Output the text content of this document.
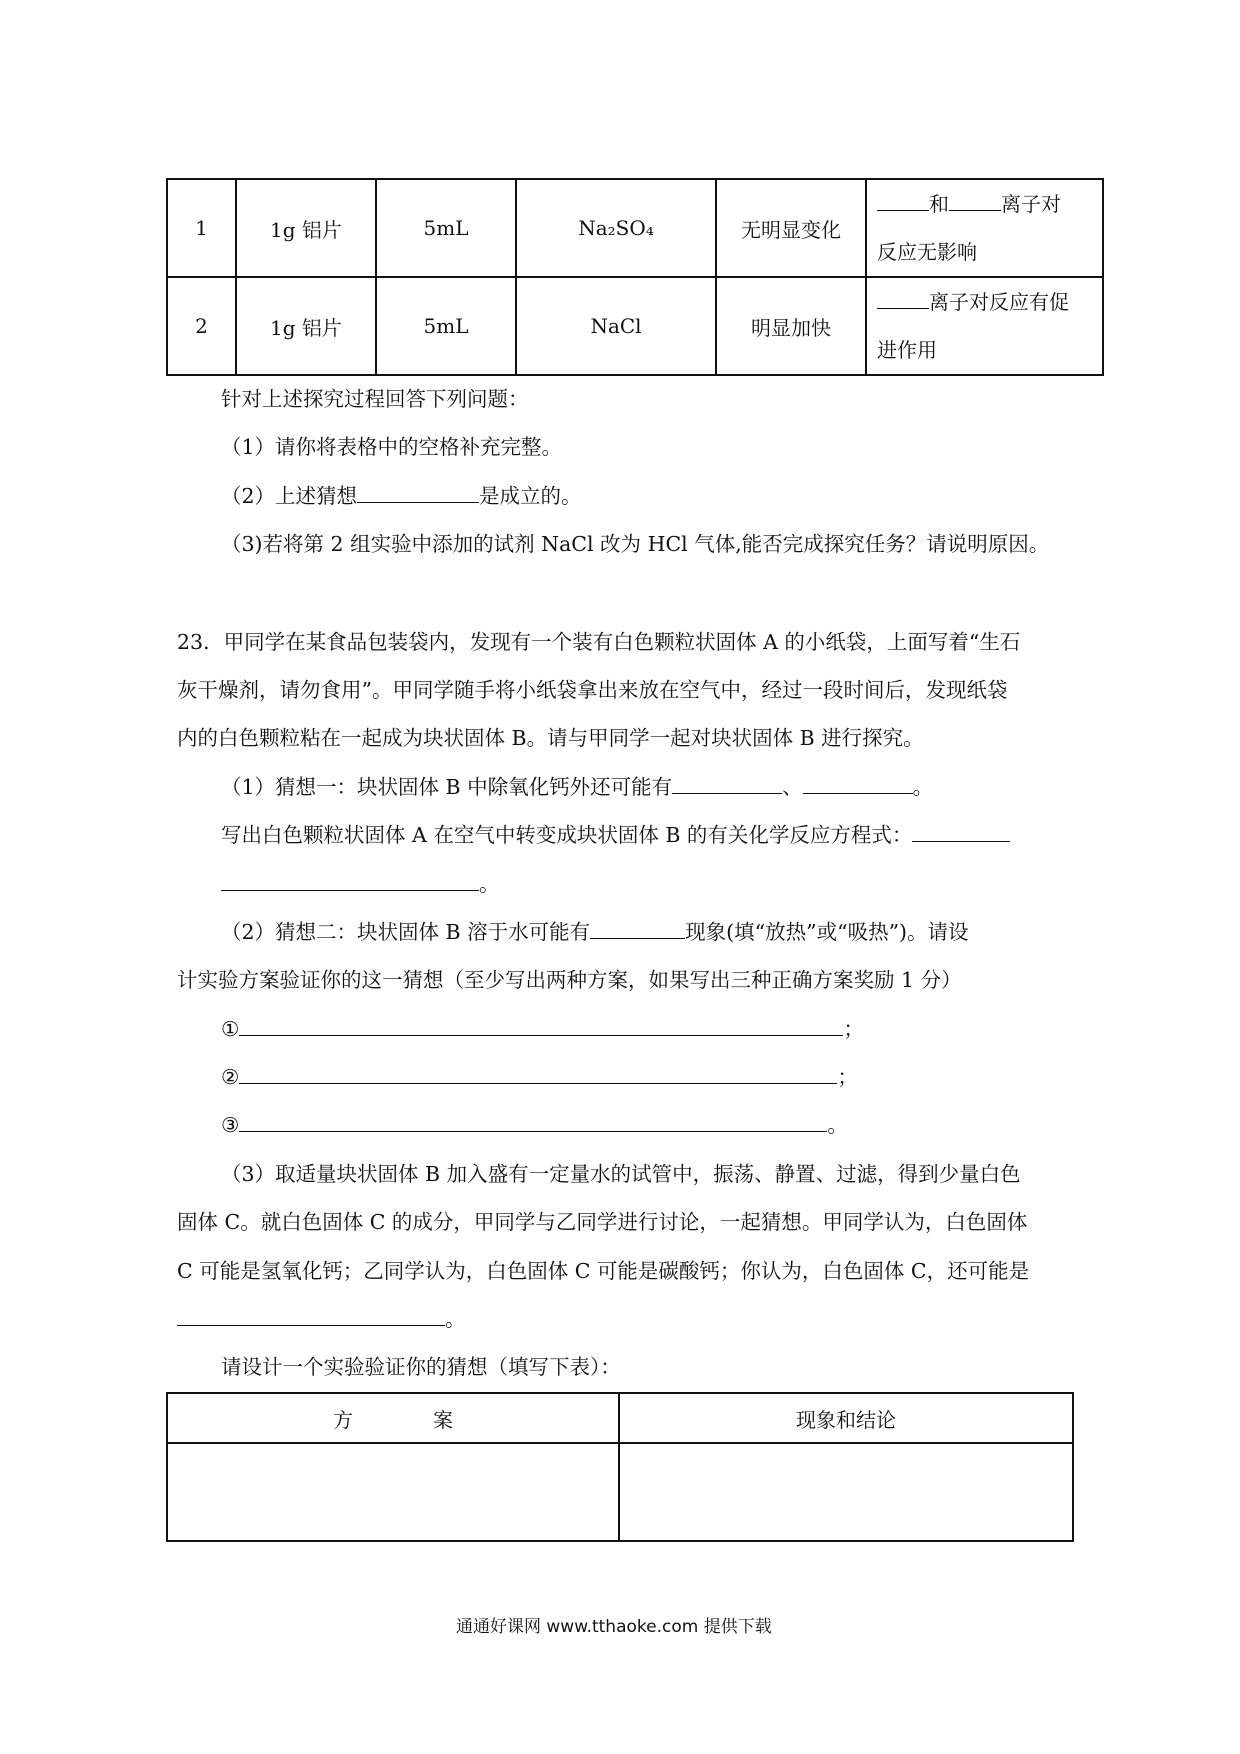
1	1g 铝片	5mL	Na₂SO₄	无明显变化	和 离子对
反应无影响
2	1g 铝片	5mL	NaCl	明显加快	离子对反应有促
进作用
针对上述探究过程回答下列问题：
（1）请你将表格中的空格补充完整。
（2）上述猜想	是成立的。
（3)若将第 2 组实验中添加的试剂 NaCl 改为 HCl 气体,能否完成探究任务？请说明原因。
23．甲同学在某食品包装袋内，发现有一个装有白色颗粒状固体 A 的小纸袋，上面写着“生石
灰干燥剂，请勿食用”。甲同学随手将小纸袋拿出来放在空气中，经过一段时间后，发现纸袋
内的白色颗粒粘在一起成为块状固体 B。请与甲同学一起对块状固体 B 进行探究。
（1）猜想一：块状固体 B 中除氧化钙外还可能有	、	。
写出白色颗粒状固体 A 在空气中转变成块状固体 B 的有关化学反应方程式：
。
（2）猜想二：块状固体 B 溶于水可能有	现象(填“放热”或“吸热”)。请设
计实验方案验证你的这一猜想（至少写出两种方案，如果写出三种正确方案奖励 1 分）
①	；
②	；
③	。
（3）取适量块状固体 B 加入盛有一定量水的试管中，振荡、静置、过滤，得到少量白色
固体 C。就白色固体 C 的成分，甲同学与乙同学进行讨论，一起猜想。甲同学认为，白色固体
C 可能是氢氧化钙；乙同学认为，白色固体 C 可能是碳酸钙；你认为，白色固体 C，还可能是
。
请设计一个实验验证你的猜想（填写下表）：
方　　　　案	现象和结论

通通好课网 www.tthaoke.com 提供下载
